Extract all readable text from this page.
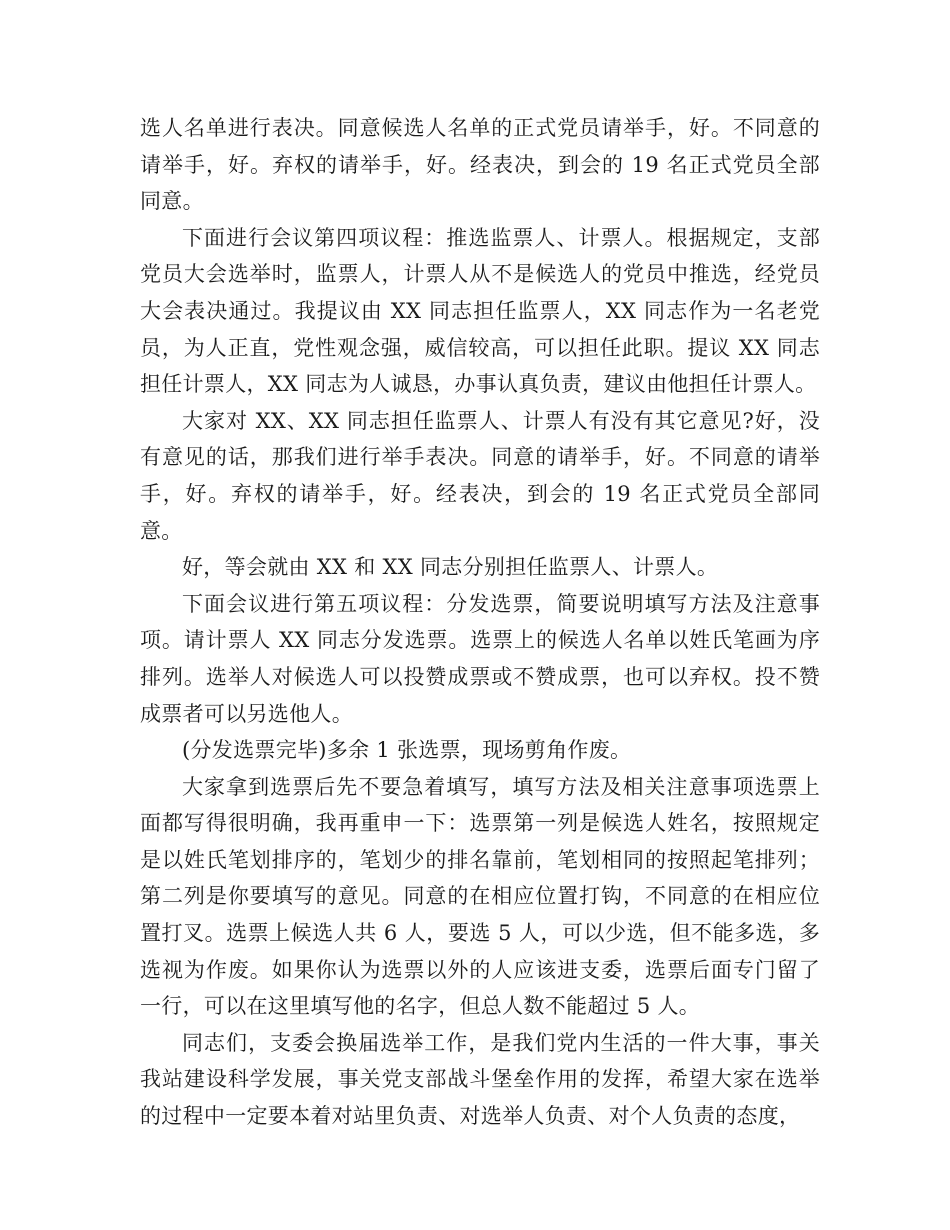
选人名单进行表决。同意候选人名单的正式党员请举手，好。不同意的请举手，好。弃权的请举手，好。经表决，到会的 19 名正式党员全部同意。

下面进行会议第四项议程：推选监票人、计票人。根据规定，支部党员大会选举时，监票人，计票人从不是候选人的党员中推选，经党员大会表决通过。我提议由 XX 同志担任监票人，XX 同志作为一名老党员，为人正直，党性观念强，威信较高，可以担任此职。提议 XX 同志担任计票人，XX 同志为人诚恳，办事认真负责，建议由他担任计票人。

大家对 XX、XX 同志担任监票人、计票人有没有其它意见?好，没有意见的话，那我们进行举手表决。同意的请举手，好。不同意的请举手，好。弃权的请举手，好。经表决，到会的 19 名正式党员全部同意。

好，等会就由 XX 和 XX 同志分别担任监票人、计票人。

下面会议进行第五项议程：分发选票，简要说明填写方法及注意事项。请计票人 XX 同志分发选票。选票上的候选人名单以姓氏笔画为序排列。选举人对候选人可以投赞成票或不赞成票，也可以弃权。投不赞成票者可以另选他人。

(分发选票完毕)多余 1 张选票，现场剪角作废。

大家拿到选票后先不要急着填写，填写方法及相关注意事项选票上面都写得很明确，我再重申一下：选票第一列是候选人姓名，按照规定是以姓氏笔划排序的，笔划少的排名靠前，笔划相同的按照起笔排列；第二列是你要填写的意见。同意的在相应位置打钩，不同意的在相应位置打叉。选票上候选人共 6 人，要选 5 人，可以少选，但不能多选，多选视为作废。如果你认为选票以外的人应该进支委，选票后面专门留了一行，可以在这里填写他的名字，但总人数不能超过 5 人。

同志们，支委会换届选举工作，是我们党内生活的一件大事，事关我站建设科学发展，事关党支部战斗堡垒作用的发挥，希望大家在选举的过程中一定要本着对站里负责、对选举人负责、对个人负责的态度，
